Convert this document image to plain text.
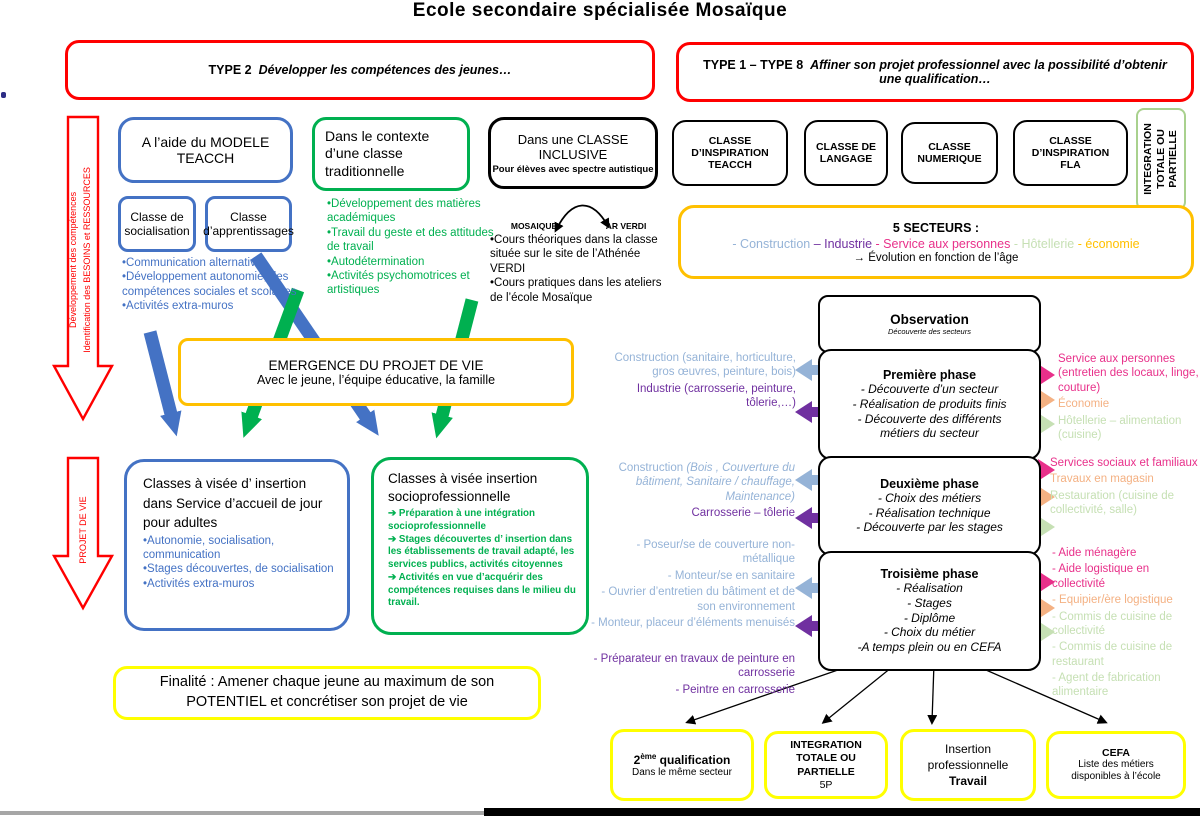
Ecole secondaire spécialisée Mosaïque
TYPE 2 Développer les compétences des jeunes…	TYPE 1 – TYPE 8 Affiner son projet professionnel avec la possibilité d’obtenir une qualification…
Développement des compétences Identification des BESOINS et RESSOURCES
PROJET DE VIE
A l’aide du MODELE TEACCH
Classe de socialisation
Classe d’apprentissages
•Communication alternative
•Développement autonomie, des compétences sociales et scolaires
•Activités extra-muros
Dans le contexte d’une classe traditionnelle
•Développement des matières académiques
•Travail du geste et des attitudes de travail
•Autodétermination
•Activités psychomotrices et artistiques
Dans une CLASSE INCLUSIVE
Pour élèves avec spectre autistique
MOSAIQUE	AR VERDI
•Cours théoriques dans la classe située sur le site de l’Athénée VERDI
•Cours pratiques dans les ateliers de l’école Mosaïque
CLASSE D’INSPIRATION TEACCH
CLASSE DE LANGAGE
CLASSE NUMERIQUE
CLASSE D’INSPIRATION FLA	INTEGRATION TOTALE OU PARTIELLE
5 SECTEURS :
- Construction – Industrie - Service aux personnes - Hôtellerie - économie
→ Évolution en fonction de l’âge
Observation
Découverte des secteurs
Première phase
- Découverte d’un secteur
- Réalisation de produits finis
- Découverte des différents métiers du secteur
Deuxième phase
- Choix des métiers
- Réalisation technique
- Découverte par les stages
Troisième phase
- Réalisation
- Stages
- Diplôme
- Choix du métier
-A temps plein ou en CEFA

Construction (sanitaire, horticulture, gros œuvres, peinture, bois)

Industrie (carrosserie, peinture, tôlerie,…)

Construction (Bois , Couverture du bâtiment, Sanitaire / chauffage, Maintenance)

Carrosserie – tôlerie

- Poseur/se de couverture non-métallique

- Monteur/se en sanitaire

- Ouvrier d’entretien du bâtiment et de son environnement

- Monteur, placeur d’éléments menuisés

- Préparateur en travaux de peinture en carrosserie

- Peintre en carrosserie

Service aux personnes (entretien des locaux, linge, couture)

Économie

Hôtellerie – alimentation (cuisine)

Services sociaux et familiaux

Travaux en magasin

Restauration (cuisine de collectivité, salle)

- Aide ménagère

- Aide logistique en collectivité

- Equipier/ère logistique

- Commis de cuisine de collectivité

- Commis de cuisine de restaurant

- Agent de fabrication alimentaire

EMERGENCE DU PROJET DE VIE
Avec le jeune, l’équipe éducative, la famille
Classes à visée d’ insertion dans Service d’accueil de jour pour adultes
•Autonomie, socialisation, communication
•Stages découvertes, de socialisation
•Activités extra-muros
Classes à visée insertion socioprofessionnelle
➔ Préparation à une intégration socioprofessionnelle
➔ Stages découvertes d’ insertion dans les établissements de travail adapté, les services publics, activités citoyennes
➔ Activités en vue d’acquérir des compétences requises dans le milieu du travail.
Finalité : Amener chaque jeune au maximum de son POTENTIEL et concrétiser son projet de vie
2ème qualification
Dans le même secteur
INTEGRATION TOTALE OU PARTIELLE
5P
Insertion professionnelle
Travail
CEFA
Liste des métiers disponibles à l’école
